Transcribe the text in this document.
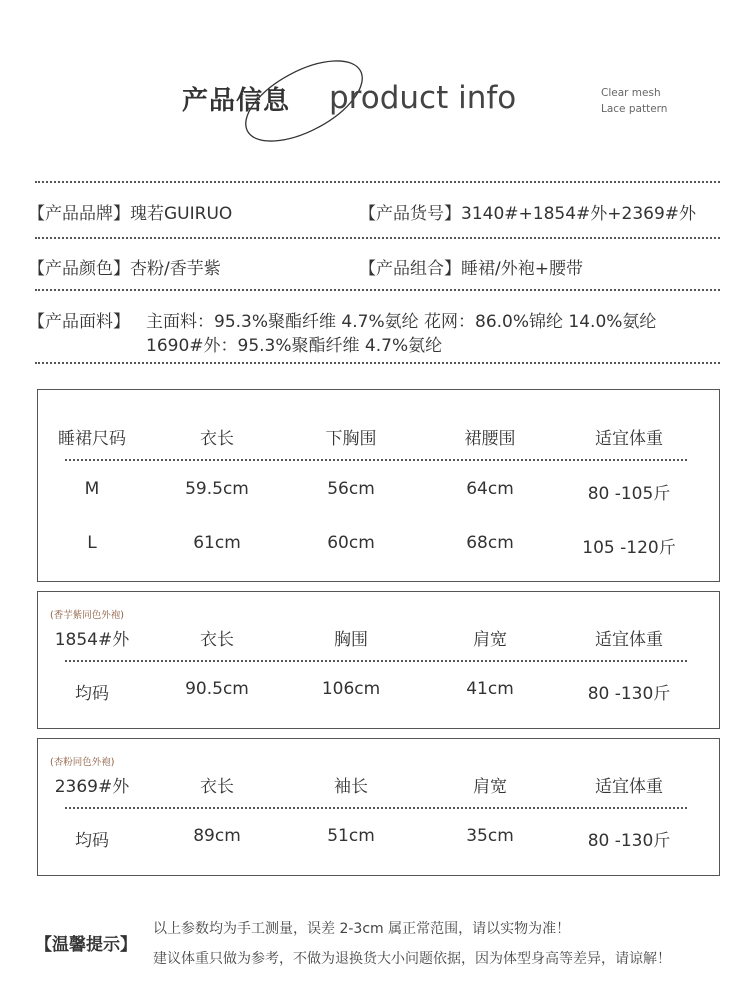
产品信息 product info	Clear mesh
Lace pattern
【产品品牌】瑰若GUIRUO	【产品货号】3140#+1854#外+2369#外
【产品颜色】杏粉/香芋紫	【产品组合】睡裙/外袍+腰带
【产品面料】 主面料：95.3%聚酯纤维 4.7%氨纶 花网：86.0%锦纶 14.0%氨纶
1690#外：95.3%聚酯纤维 4.7%氨纶
睡裙尺码	衣长	下胸围	裙腰围	适宜体重
M	59.5cm	56cm	64cm	80 -105斤
L	61cm	60cm	68cm	105 -120斤
(香芋紫同色外袍)
1854#外	衣长	胸围	肩宽	适宜体重
均码	90.5cm	106cm	41cm	80 -130斤
(杏粉同色外袍)
2369#外	衣长	袖长	肩宽	适宜体重
均码	89cm	51cm	35cm	80 -130斤
【温馨提示】
以上参数均为手工测量，误差 2-3cm 属正常范围，请以实物为准！
建议体重只做为参考，不做为退换货大小问题依据，因为体型身高等差异，请谅解！
